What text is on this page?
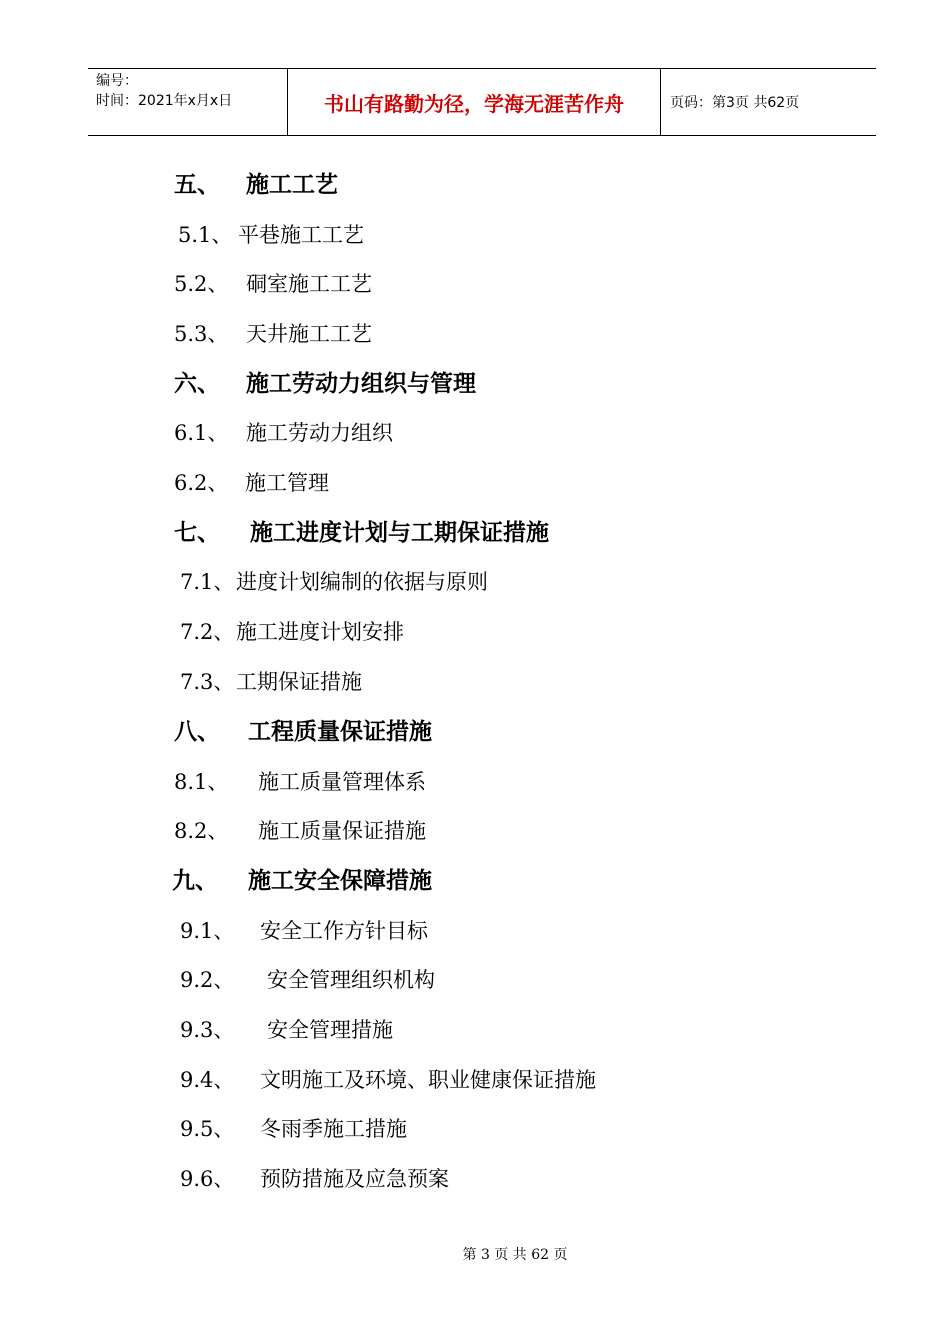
编号：
时间：2021年x月x日	书山有路勤为径，学海无涯苦作舟	页码：第3页 共62页
五、 施工工艺
5.1、 平巷施工工艺
5.2、 硐室施工工艺
5.3、 天井施工工艺
六、 施工劳动力组织与管理
6.1、 施工劳动力组织
6.2、 施工管理
七、 施工进度计划与工期保证措施
7.1、进度计划编制的依据与原则
7.2、施工进度计划安排
7.3、工期保证措施
八、 工程质量保证措施
8.1、 施工质量管理体系
8.2、 施工质量保证措施
九、 施工安全保障措施
9.1、 安全工作方针目标
9.2、 安全管理组织机构
9.3、 安全管理措施
9.4、 文明施工及环境、职业健康保证措施
9.5、 冬雨季施工措施
9.6、 预防措施及应急预案
第 3 页 共 62 页
